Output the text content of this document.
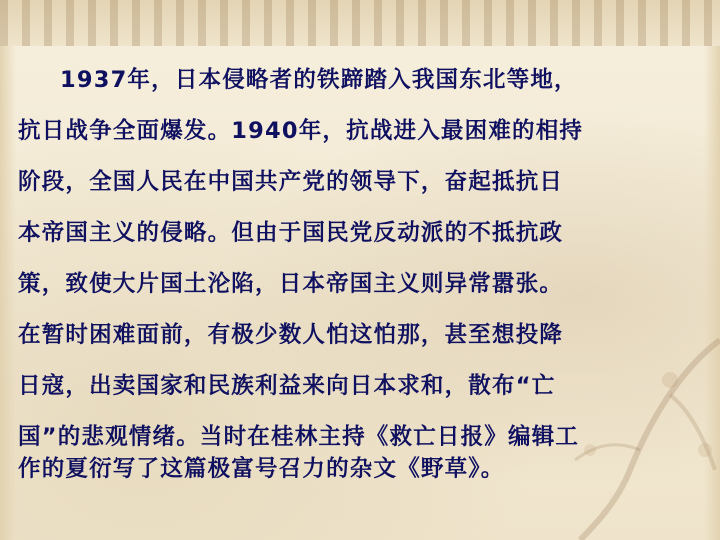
1937年，日本侵略者的铁蹄踏入我国东北等地，
抗日战争全面爆发。1940年，抗战进入最困难的相持
阶段，全国人民在中国共产党的领导下，奋起抵抗日
本帝国主义的侵略。但由于国民党反动派的不抵抗政
策，致使大片国土沦陷，日本帝国主义则异常嚣张。
在暂时困难面前，有极少数人怕这怕那，甚至想投降
日寇，出卖国家和民族利益来向日本求和，散布“亡
国”的悲观情绪。当时在桂林主持《救亡日报》编辑工
作的夏衍写了这篇极富号召力的杂文《野草》。
